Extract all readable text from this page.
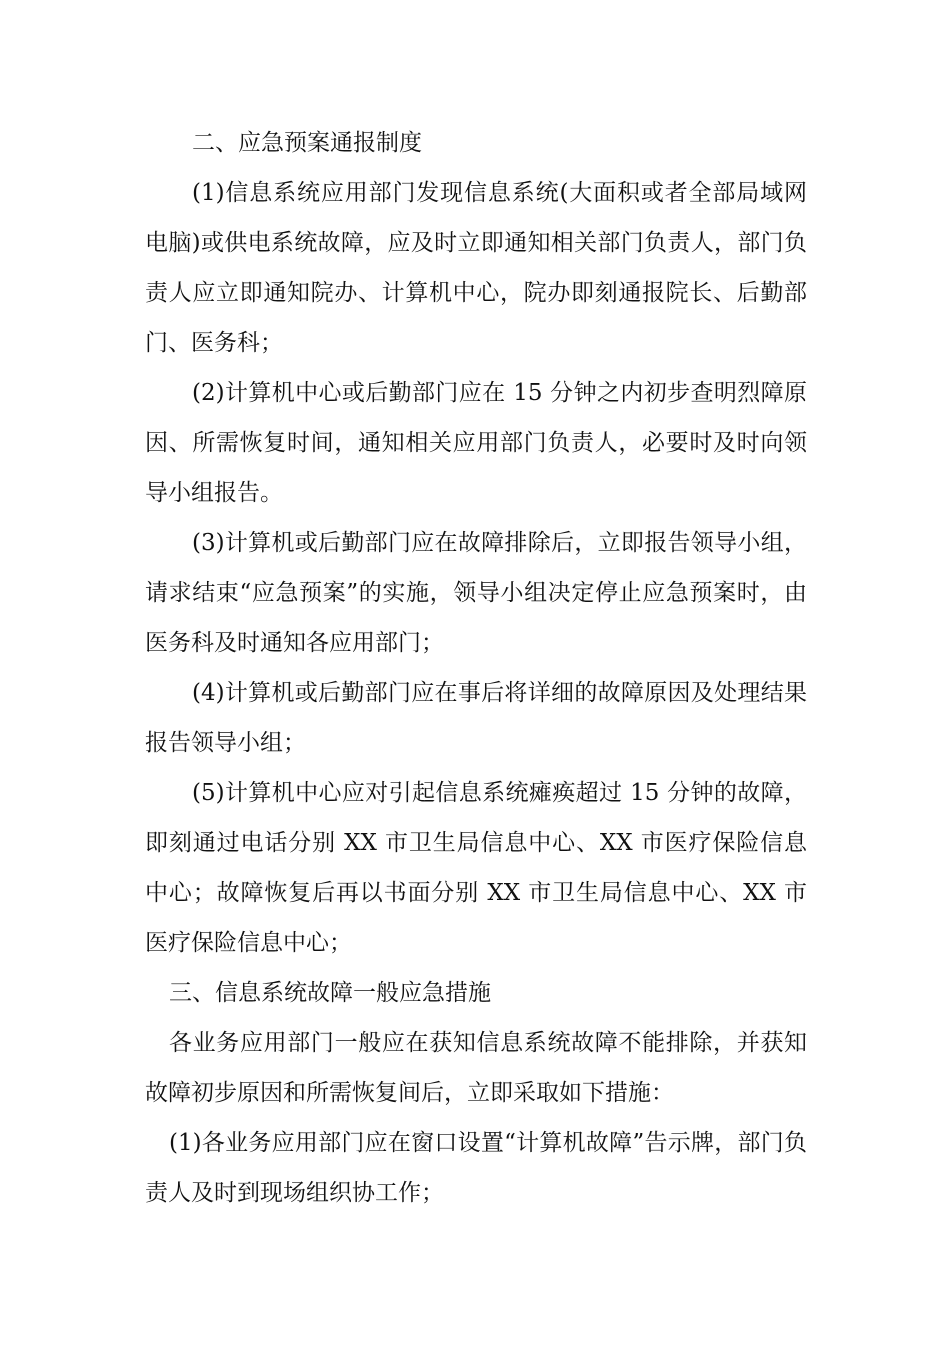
二、应急预案通报制度

(1)信息系统应用部门发现信息系统(大面积或者全部局域网电脑)或供电系统故障，应及时立即通知相关部门负责人，部门负责人应立即通知院办、计算机中心，院办即刻通报院长、后勤部门、医务科；

(2)计算机中心或后勤部门应在 15 分钟之内初步查明烈障原因、所需恢复时间，通知相关应用部门负责人，必要时及时向领导小组报告。

(3)计算机或后勤部门应在故障排除后，立即报告领导小组，请求结束“应急预案”的实施，领导小组决定停止应急预案时，由医务科及时通知各应用部门；

(4)计算机或后勤部门应在事后将详细的故障原因及处理结果报告领导小组；

(5)计算机中心应对引起信息系统瘫痪超过 15 分钟的故障，即刻通过电话分别 XX 市卫生局信息中心、XX 市医疗保险信息中心；故障恢复后再以书面分别 XX 市卫生局信息中心、XX 市医疗保险信息中心；

三、信息系统故障一般应急措施

各业务应用部门一般应在获知信息系统故障不能排除，并获知故障初步原因和所需恢复间后，立即采取如下措施：

(1)各业务应用部门应在窗口设置“计算机故障”告示牌，部门负责人及时到现场组织协工作；
